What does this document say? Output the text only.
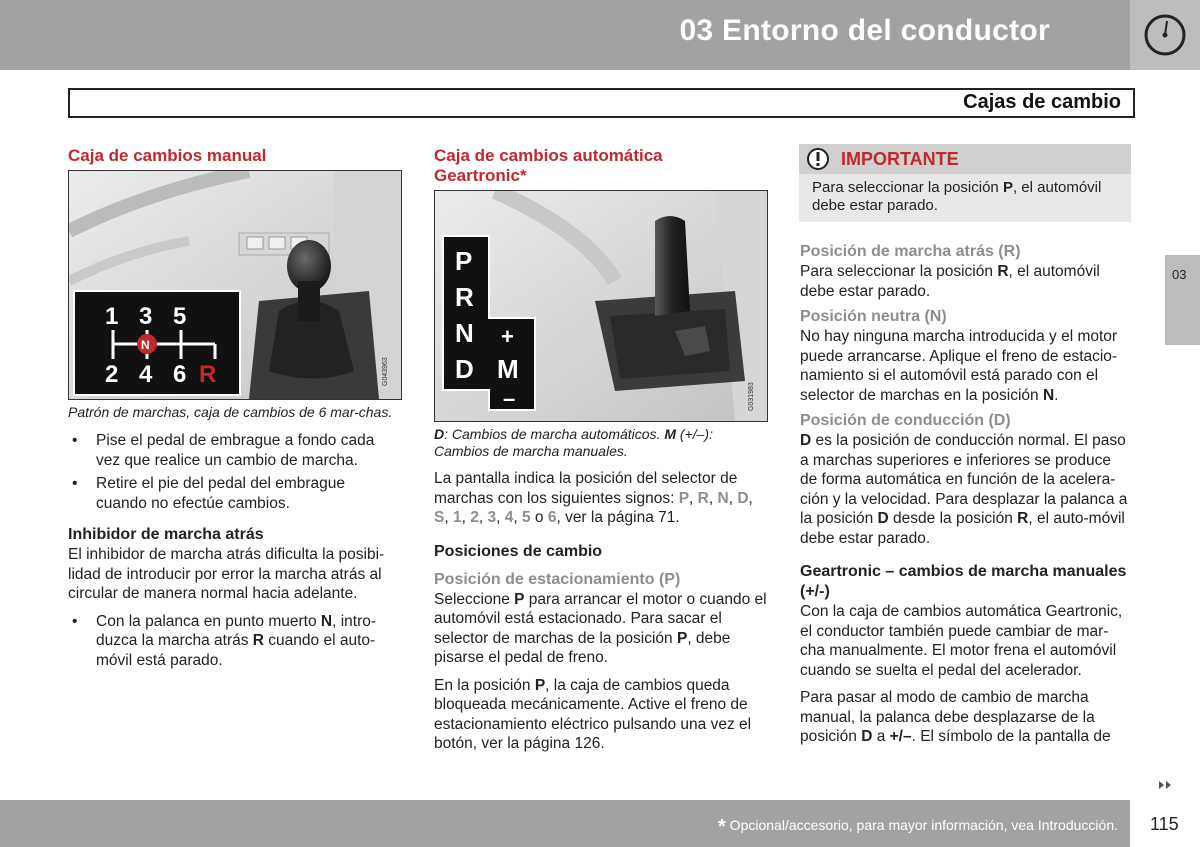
03 Entorno del conductor
Cajas de cambio
Caja de cambios manual
G043963
1 3 5
2 4 6
N
R
Patrón de marchas, caja de cambios de 6 mar-chas.
• Pise el pedal de embrague a fondo cada vez que realice un cambio de marcha.
• Retire el pie del pedal del embrague cuando no efectúe cambios.
Inhibidor de marcha atrás

El inhibidor de marcha atrás dificulta la posibi-lidad de introducir por error la marcha atrás al circular de manera normal hacia adelante.

• Con la palanca en punto muerto N, intro-duzca la marcha atrás R cuando el auto-móvil está parado.
Caja de cambios automática
Geartronic*
G031983
P
R
N
D M
+
–
D: Cambios de marcha automáticos. M (+/–):
Cambios de marcha manuales.

La pantalla indica la posición del selector de marchas con los siguientes signos: P, R, N, D, S, 1, 2, 3, 4, 5 o 6, ver la página 71.

Posiciones de cambio
Posición de estacionamiento (P)

Seleccione P para arrancar el motor o cuando el automóvil está estacionado. Para sacar el selector de marchas de la posición P, debe pisarse el pedal de freno.

En la posición P, la caja de cambios queda bloqueada mecánicamente. Active el freno de estacionamiento eléctrico pulsando una vez el botón, ver la página 126.

IMPORTANTE
Para seleccionar la posición P, el automóvil debe estar parado.
Posición de marcha atrás (R)

Para seleccionar la posición R, el automóvil debe estar parado.

Posición neutra (N)

No hay ninguna marcha introducida y el motor puede arrancarse. Aplique el freno de estacio-namiento si el automóvil está parado con el selector de marchas en la posición N.

Posición de conducción (D)

D es la posición de conducción normal. El paso a marchas superiores e inferiores se produce de forma automática en función de la acelera-ción y la velocidad. Para desplazar la palanca a la posición D desde la posición R, el auto-móvil debe estar parado.

Geartronic – cambios de marcha manuales (+/-)

Con la caja de cambios automática Geartronic, el conductor también puede cambiar de mar-cha manualmente. El motor frena el automóvil cuando se suelta el pedal del acelerador.

Para pasar al modo de cambio de marcha manual, la palanca debe desplazarse de la posición D a +/–. El símbolo de la pantalla de

03
* Opcional/accesorio, para mayor información, vea Introducción. 115
